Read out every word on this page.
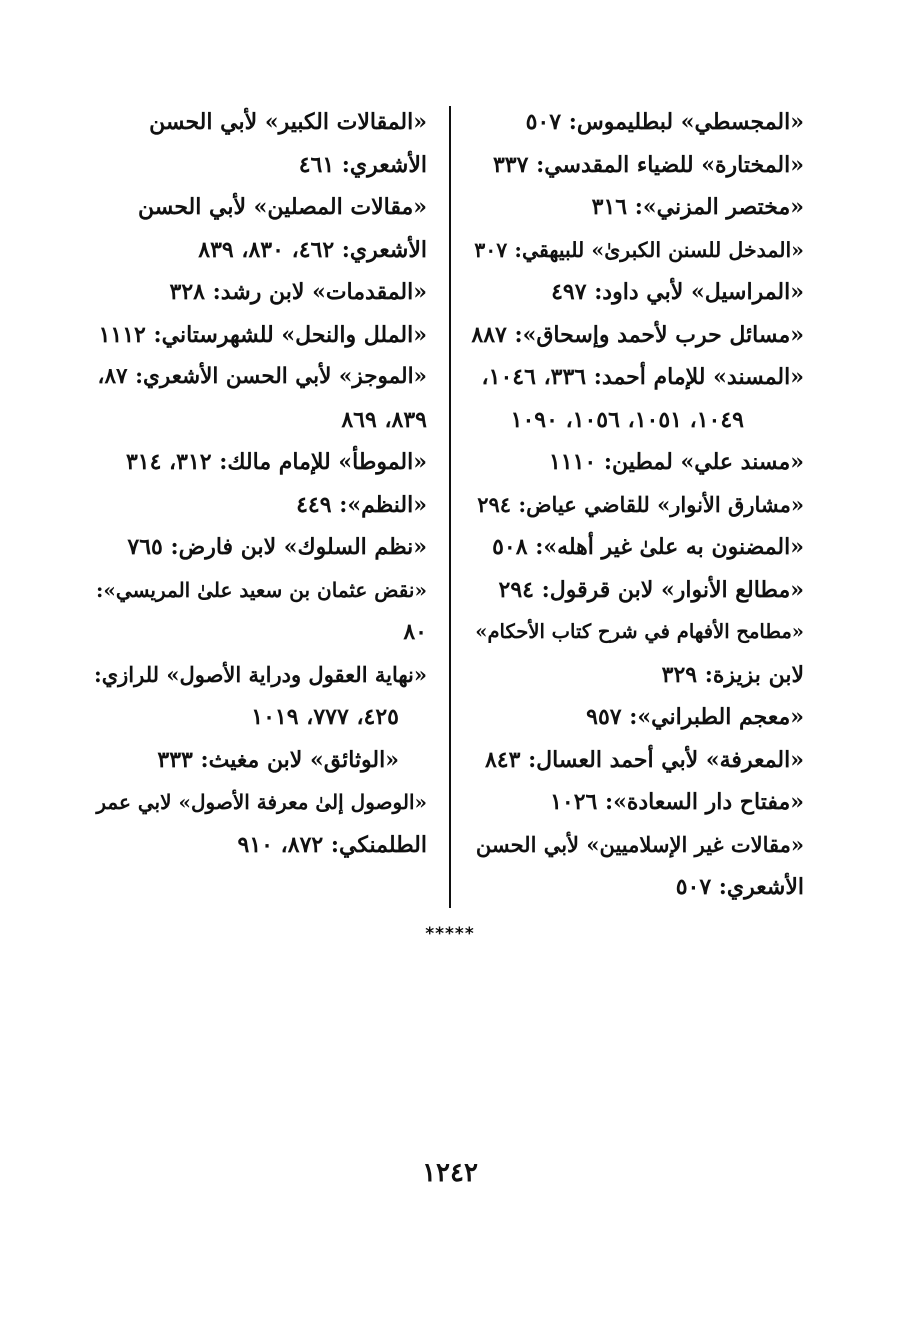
«المجسطي» لبطليموس: ٥٠٧
«المختارة» للضياء المقدسي: ٣٣٧
«مختصر المزني»: ٣١٦
«المدخل للسنن الكبرىٰ» للبيهقي: ٣٠٧
«المراسيل» لأبي داود: ٤٩٧
«مسائل حرب لأحمد وإسحاق»: ٨٨٧
«المسند» للإمام أحمد: ٣٣٦، ١٠٤٦،
١٠٤٩، ١٠٥١، ١٠٥٦، ١٠٩٠
«مسند علي» لمطين: ١١١٠
«مشارق الأنوار» للقاضي عياض: ٢٩٤
«المضنون به علىٰ غير أهله»: ٥٠٨
«مطالع الأنوار» لابن قرقول: ٢٩٤
«مطامح الأفهام في شرح كتاب الأحكام»
لابن بزيزة: ٣٢٩
«معجم الطبراني»: ٩٥٧
«المعرفة» لأبي أحمد العسال: ٨٤٣
«مفتاح دار السعادة»: ١٠٢٦
«مقالات غير الإسلاميين» لأبي الحسن
الأشعري: ٥٠٧
«المقالات الكبير» لأبي الحسن
الأشعري: ٤٦١
«مقالات المصلين» لأبي الحسن
الأشعري: ٤٦٢، ٨٣٠، ٨٣٩
«المقدمات» لابن رشد: ٣٢٨
«الملل والنحل» للشهرستاني: ١١١٢
«الموجز» لأبي الحسن الأشعري: ٨٧،
٨٣٩، ٨٦٩
«الموطأ» للإمام مالك: ٣١٢، ٣١٤
«النظم»: ٤٤٩
«نظم السلوك» لابن فارض: ٧٦٥
«نقض عثمان بن سعيد علىٰ المريسي»:
٨٠
«نهاية العقول ودراية الأصول» للرازي:
٤٢٥، ٧٧٧، ١٠١٩
«الوثائق» لابن مغيث: ٣٣٣
«الوصول إلىٰ معرفة الأصول» لابي عمر
الطلمنكي: ٨٧٢، ٩١٠
*****
١٢٤٢
